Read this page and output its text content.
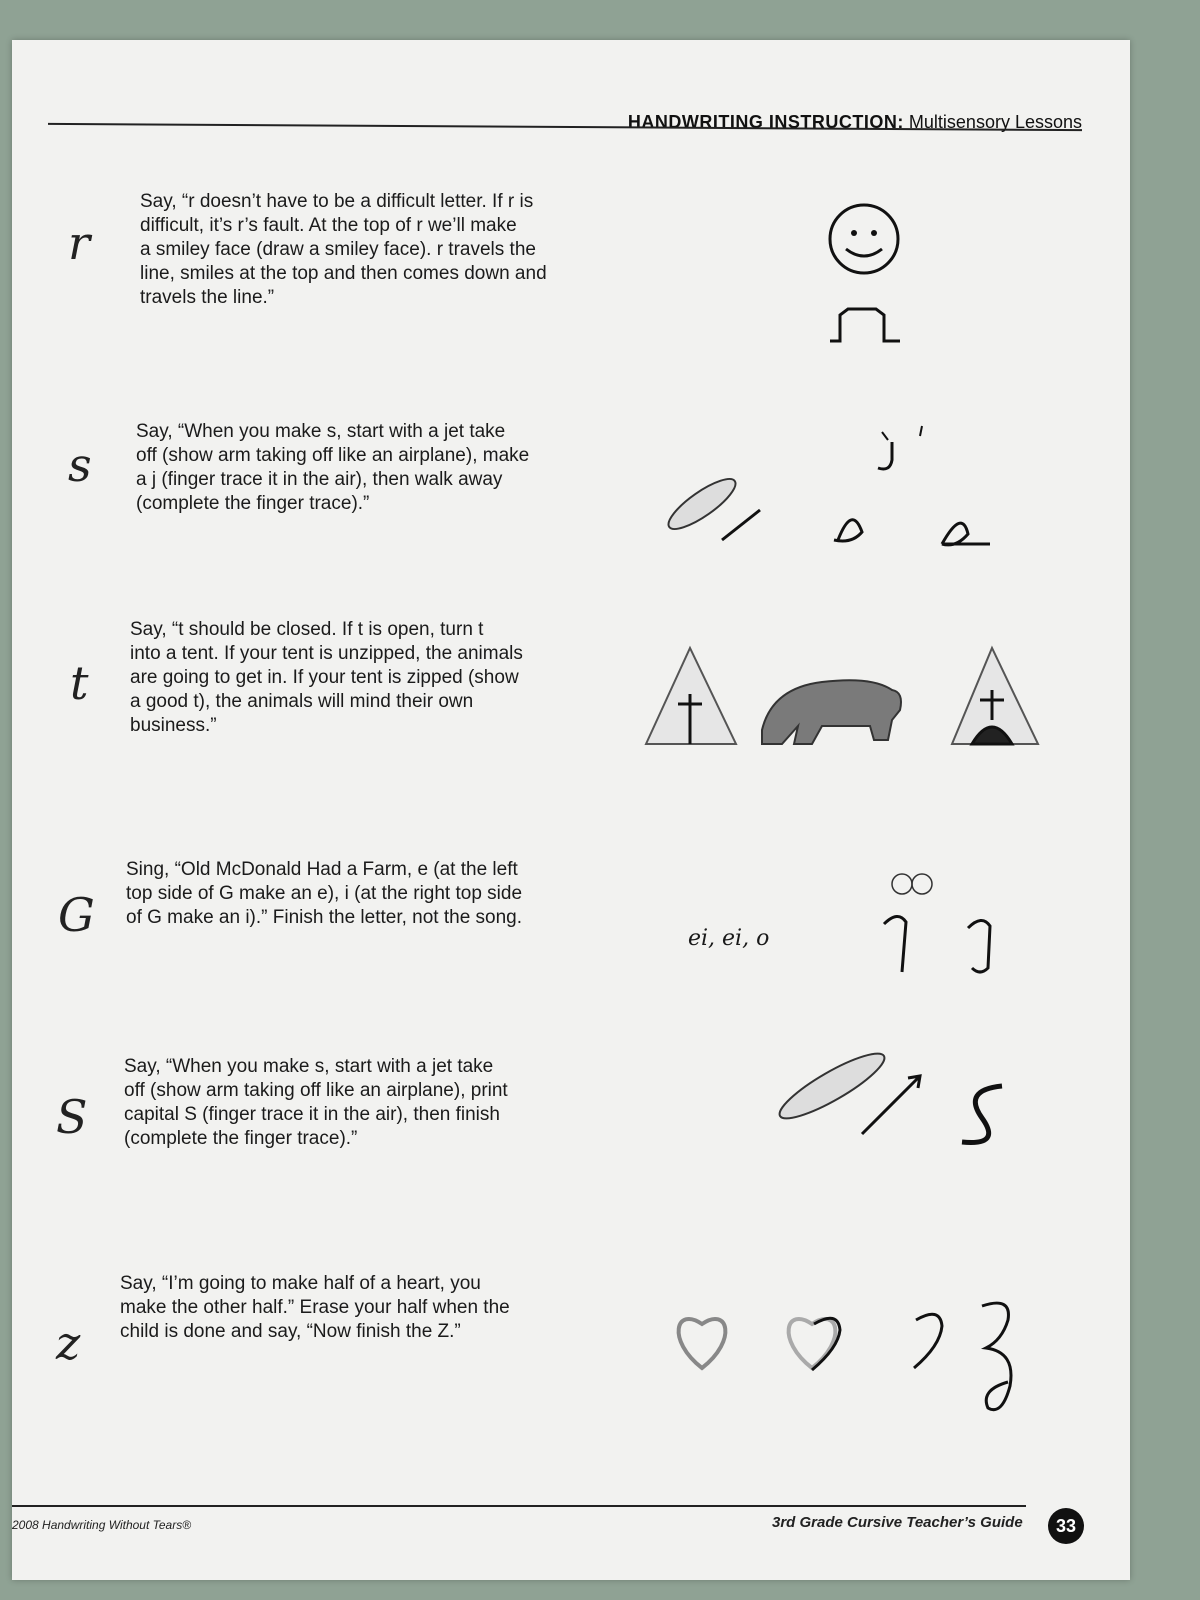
HANDWRITING INSTRUCTION: Multisensory Lessons
r
Say, “r doesn’t have to be a difficult letter. If r is
difficult, it’s r’s fault. At the top of r we’ll make
a smiley face (draw a smiley face). r travels the
line, smiles at the top and then comes down and
travels the line.”
s
Say, “When you make s, start with a jet take
off (show arm taking off like an airplane), make
a j (finger trace it in the air), then walk away
(complete the finger trace).”
t
Say, “t should be closed. If t is open, turn t
into a tent. If your tent is unzipped, the animals
are going to get in. If your tent is zipped (show
a good t), the animals will mind their own
business.”
G
Sing, “Old McDonald Had a Farm, e (at the left
top side of G make an e), i (at the right top side
of G make an i).” Finish the letter, not the song.
ei, ei, o
S
Say, “When you make s, start with a jet take
off (show arm taking off like an airplane), print
capital S (finger trace it in the air), then finish
(complete the finger trace).”
z
Say, “I’m going to make half of a heart, you
make the other half.” Erase your half when the
child is done and say, “Now finish the Z.”
2008 Handwriting Without Tears®	3rd Grade Cursive Teacher’s Guide	33
